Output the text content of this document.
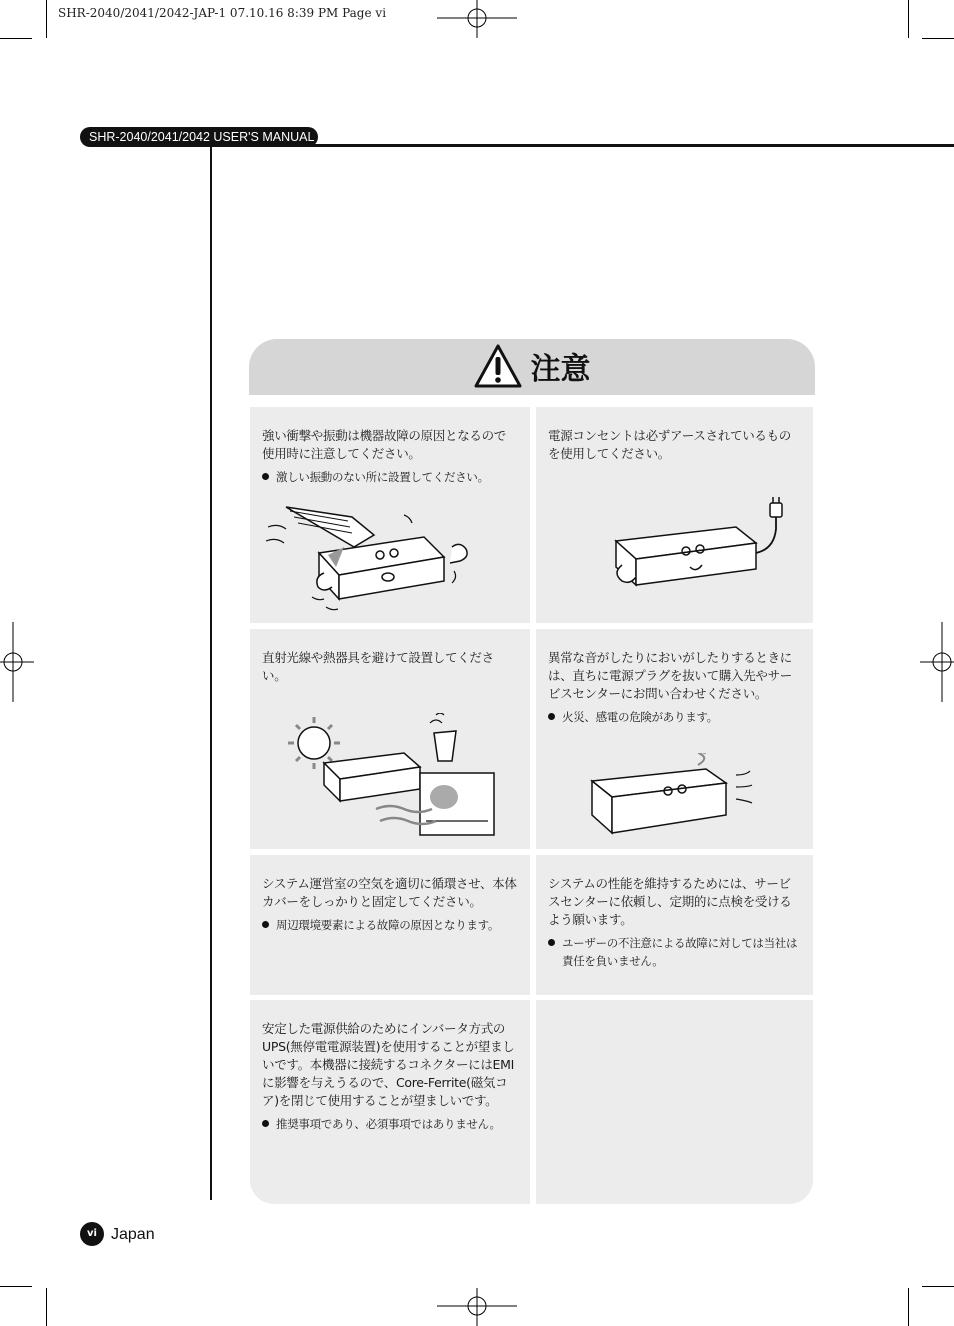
SHR-2040/2041/2042-JAP-1 07.10.16 8:39 PM Page vi
SHR-2040/2041/2042 USER'S MANUAL
注意

強い衝撃や振動は機器故障の原因となるので使用時に注意してください。

激しい振動のない所に設置してください。

電源コンセントは必ずアースされているものを使用してください。

直射光線や熱器具を避けて設置してください。

異常な音がしたりにおいがしたりするときには、直ちに電源プラグを抜いて購入先やサービスセンターにお問い合わせください。

火災、感電の危険があります。

システム運営室の空気を適切に循環させ、本体カバーをしっかりと固定してください。

周辺環境要素による故障の原因となります。

システムの性能を維持するためには、サービスセンターに依頼し、定期的に点検を受けるよう願います。

ユーザーの不注意による故障に対しては当社は責任を負いません。

安定した電源供給のためにインバータ方式のUPS(無停電電源装置)を使用することが望ましいです。本機器に接続するコネクターにはEMIに影響を与えうるので、Core-Ferrite(磁気コア)を閉じて使用することが望ましいです。

推奨事項であり、必須事項ではありません。
vi Japan
